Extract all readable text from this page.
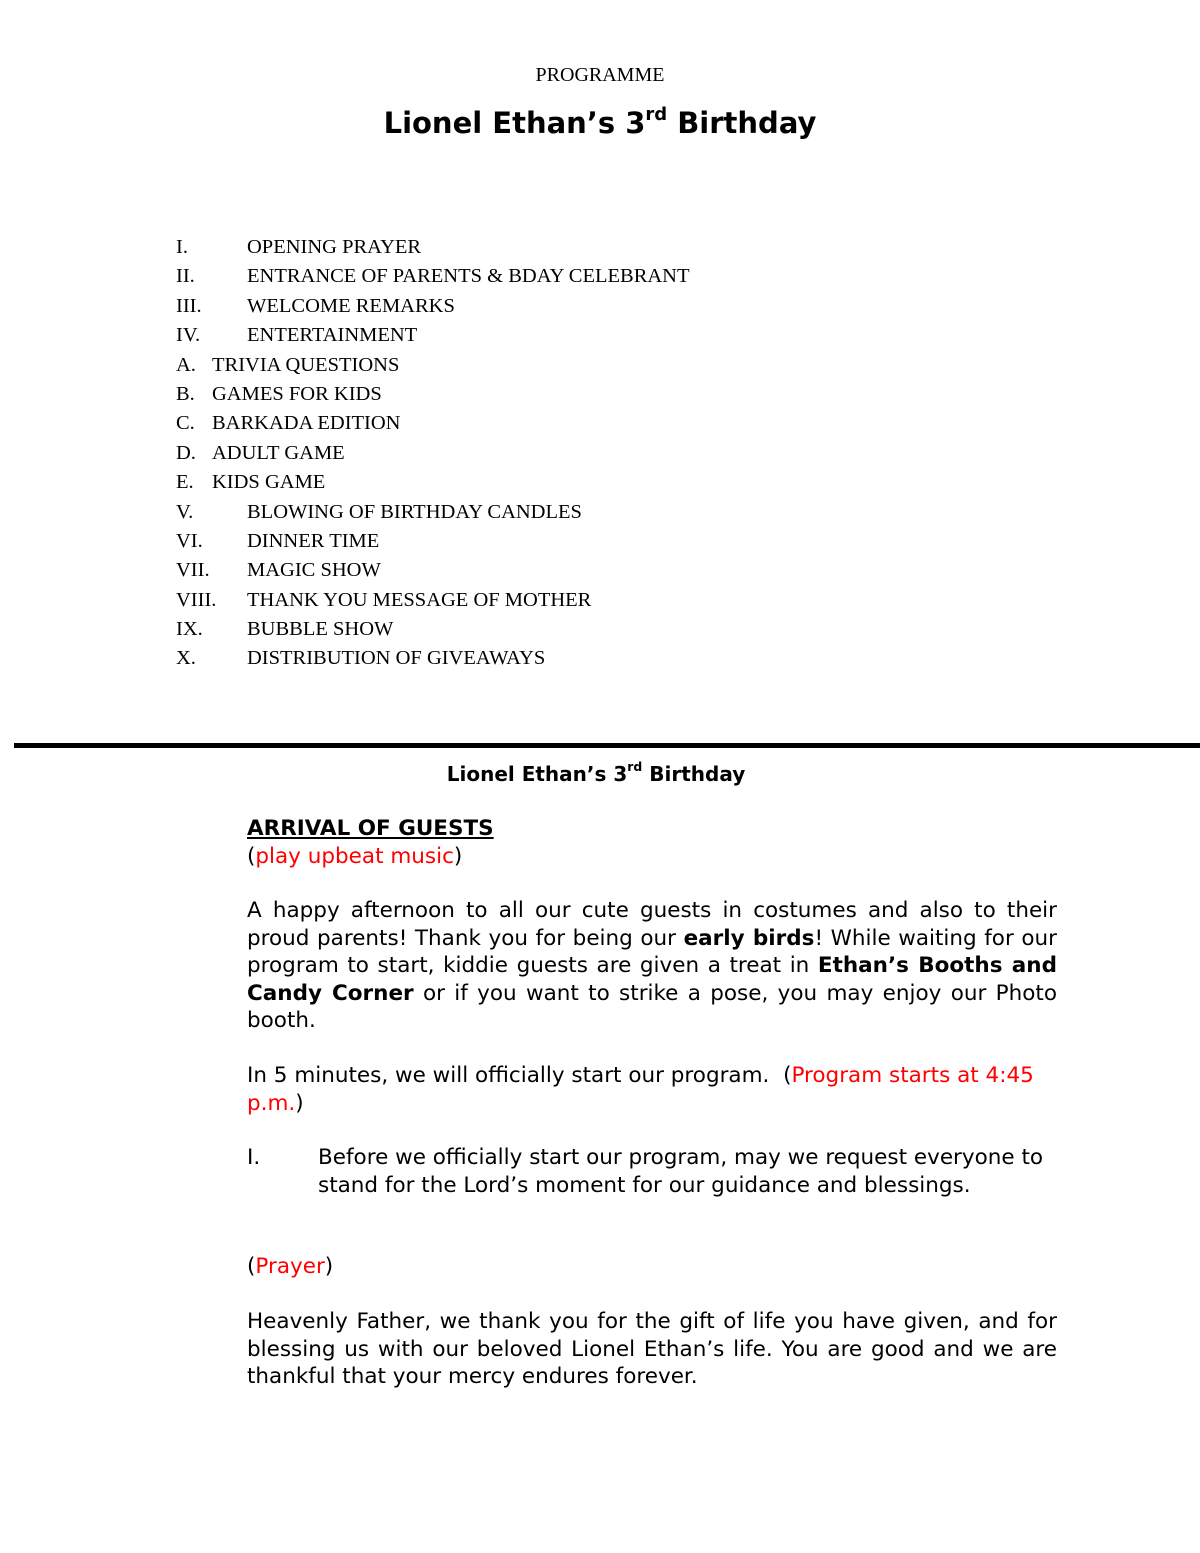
PROGRAMME
Lionel Ethan’s 3rd Birthday
I.	OPENING PRAYER
II.	ENTRANCE OF PARENTS & BDAY CELEBRANT
III. WELCOME REMARKS
IV. ENTERTAINMENT
A. TRIVIA QUESTIONS
B. GAMES FOR KIDS
C. BARKADA EDITION
D. ADULT GAME
E. KIDS GAME
V.	BLOWING OF BIRTHDAY CANDLES
VI. DINNER TIME
VII. MAGIC SHOW
VIII. THANK YOU MESSAGE OF MOTHER
IX. BUBBLE SHOW
X. DISTRIBUTION OF GIVEAWAYS
Lionel Ethan’s 3rd Birthday
ARRIVAL OF GUESTS
(play upbeat music)
A happy afternoon to all our cute guests in costumes and also to their proud parents! Thank you for being our early birds! While waiting for our program to start, kiddie guests are given a treat in Ethan’s Booths and Candy Corner or if you want to strike a pose, you may enjoy our Photo booth.
In 5 minutes, we will officially start our program.  (Program starts at 4:45 p.m.)
I.	Before we officially start our program, may we request everyone to stand for the Lord’s moment for our guidance and blessings.
(Prayer)
Heavenly Father, we thank you for the gift of life you have given, and for blessing us with our beloved Lionel Ethan’s life. You are good and we are thankful that your mercy endures forever.
